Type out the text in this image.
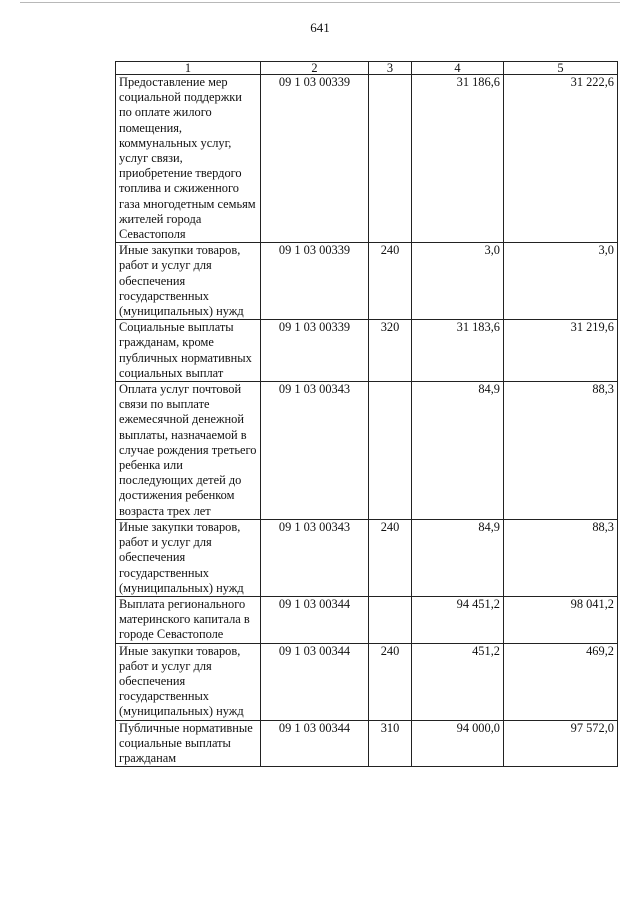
641
1	2	3	4	5
Предоставление мер социальной поддержки по оплате жилого помещения, коммунальных услуг, услуг связи, приобретение твердого топлива и сжиженного газа многодетным семьям жителей города Севастополя	09 1 03 00339		31 186,6	31 222,6
Иные закупки товаров, работ и услуг для обеспечения государственных (муниципальных) нужд	09 1 03 00339	240	3,0	3,0
Социальные выплаты гражданам, кроме публичных нормативных социальных выплат	09 1 03 00339	320	31 183,6	31 219,6
Оплата услуг почтовой связи по выплате ежемесячной денежной выплаты, назначаемой в случае рождения третьего ребенка или последующих детей до достижения ребенком возраста трех лет	09 1 03 00343		84,9	88,3
Иные закупки товаров, работ и услуг для обеспечения государственных (муниципальных) нужд	09 1 03 00343	240	84,9	88,3
Выплата регионального материнского капитала в городе Севастополе	09 1 03 00344		94 451,2	98 041,2
Иные закупки товаров, работ и услуг для обеспечения государственных (муниципальных) нужд	09 1 03 00344	240	451,2	469,2
Публичные нормативные социальные выплаты гражданам	09 1 03 00344	310	94 000,0	97 572,0
